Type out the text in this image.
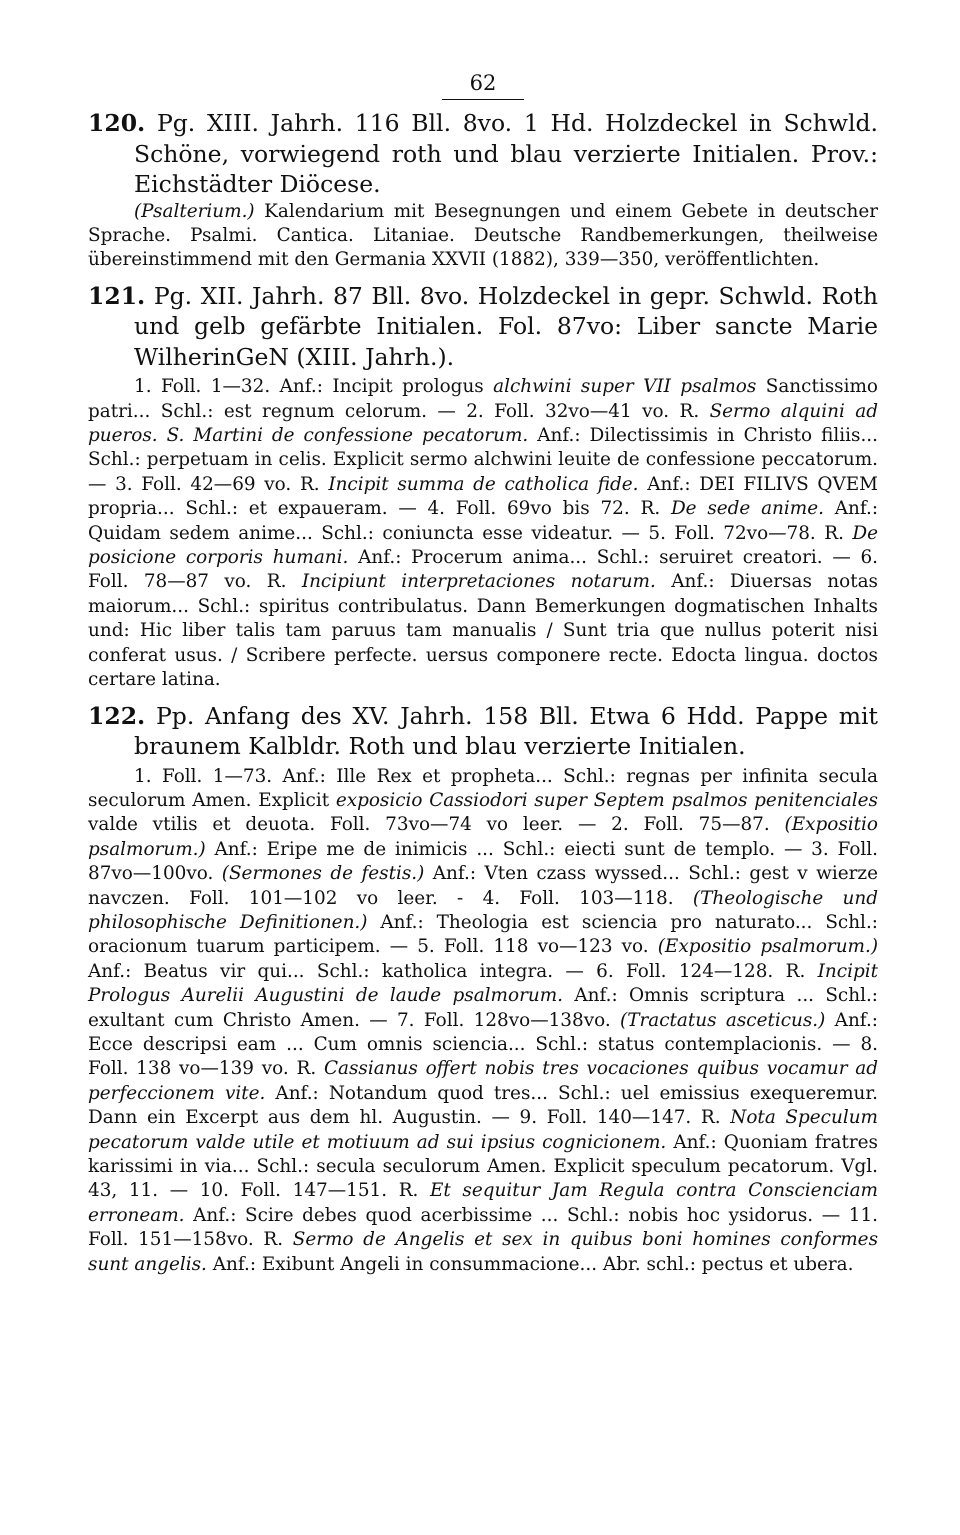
62

120. Pg. XIII. Jahrh. 116 Bll. 8vo. 1 Hd. Holzdeckel in Schwld. Schöne, vorwiegend roth und blau verzierte Initialen. Prov.: Eichstädter Diöcese.

(Psalterium.) Kalendarium mit Besegnungen und einem Gebete in deutscher Sprache. Psalmi. Cantica. Litaniae. Deutsche Randbemerkungen, theilweise übereinstimmend mit den Germania XXVII (1882), 339—350, veröffentlichten.

121. Pg. XII. Jahrh. 87 Bll. 8vo. Holzdeckel in gepr. Schwld. Roth und gelb gefärbte Initialen. Fol. 87vo: Liber sancte Marie WilherinGeN (XIII. Jahrh.).

1. Foll. 1—32. Anf.: Incipit prologus alchwini super VII psalmos Sanctissimo patri... Schl.: est regnum celorum. — 2. Foll. 32vo—41 vo. R. Sermo alquini ad pueros. S. Martini de confessione pecatorum. Anf.: Dilectissimis in Christo filiis... Schl.: perpetuam in celis. Explicit sermo alchwini leuite de confessione peccatorum. — 3. Foll. 42—69 vo. R. Incipit summa de catholica fide. Anf.: DEI FILIVS QVEM propria... Schl.: et expaueram. — 4. Foll. 69vo bis 72. R. De sede anime. Anf.: Quidam sedem anime... Schl.: coniuncta esse videatur. — 5. Foll. 72vo—78. R. De posicione corporis humani. Anf.: Procerum anima... Schl.: seruiret creatori. — 6. Foll. 78—87 vo. R. Incipiunt interpretaciones notarum. Anf.: Diuersas notas maiorum... Schl.: spiritus contribulatus. Dann Bemerkungen dogmatischen Inhalts und: Hic liber talis tam paruus tam manualis / Sunt tria que nullus poterit nisi conferat usus. / Scribere perfecte. uersus componere recte. Edocta lingua. doctos certare latina.

122. Pp. Anfang des XV. Jahrh. 158 Bll. Etwa 6 Hdd. Pappe mit braunem Kalbldr. Roth und blau verzierte Initialen.

1. Foll. 1—73. Anf.: Ille Rex et propheta... Schl.: regnas per infinita secula seculorum Amen. Explicit exposicio Cassiodori super Septem psalmos penitenciales valde vtilis et deuota. Foll. 73vo—74 vo leer. — 2. Foll. 75—87. (Expositio psalmorum.) Anf.: Eripe me de inimicis ... Schl.: eiecti sunt de templo. — 3. Foll. 87vo—100vo. (Sermones de festis.) Anf.: Vten czass wyssed... Schl.: gest v wierze navczen. Foll. 101—102 vo leer. - 4. Foll. 103—118. (Theologische und philosophische Definitionen.) Anf.: Theologia est sciencia pro naturato... Schl.: oracionum tuarum participem. — 5. Foll. 118 vo—123 vo. (Expositio psalmorum.) Anf.: Beatus vir qui... Schl.: katholica integra. — 6. Foll. 124—128. R. Incipit Prologus Aurelii Augustini de laude psalmorum. Anf.: Omnis scriptura ... Schl.: exultant cum Christo Amen. — 7. Foll. 128vo—138vo. (Tractatus asceticus.) Anf.: Ecce descripsi eam ... Cum omnis sciencia... Schl.: status contemplacionis. — 8. Foll. 138 vo—139 vo. R. Cassianus offert nobis tres vocaciones quibus vocamur ad perfeccionem vite. Anf.: Notandum quod tres... Schl.: uel emissius exequeremur. Dann ein Excerpt aus dem hl. Augustin. — 9. Foll. 140—147. R. Nota Speculum pecatorum valde utile et motiuum ad sui ipsius cognicionem. Anf.: Quoniam fratres karissimi in via... Schl.: secula seculorum Amen. Explicit speculum pecatorum. Vgl. 43, 11. — 10. Foll. 147—151. R. Et sequitur Jam Regula contra Conscienciam erroneam. Anf.: Scire debes quod acerbissime ... Schl.: nobis hoc ysidorus. — 11. Foll. 151—158vo. R. Sermo de Angelis et sex in quibus boni homines conformes sunt angelis. Anf.: Exibunt Angeli in consummacione... Abr. schl.: pectus et ubera.
